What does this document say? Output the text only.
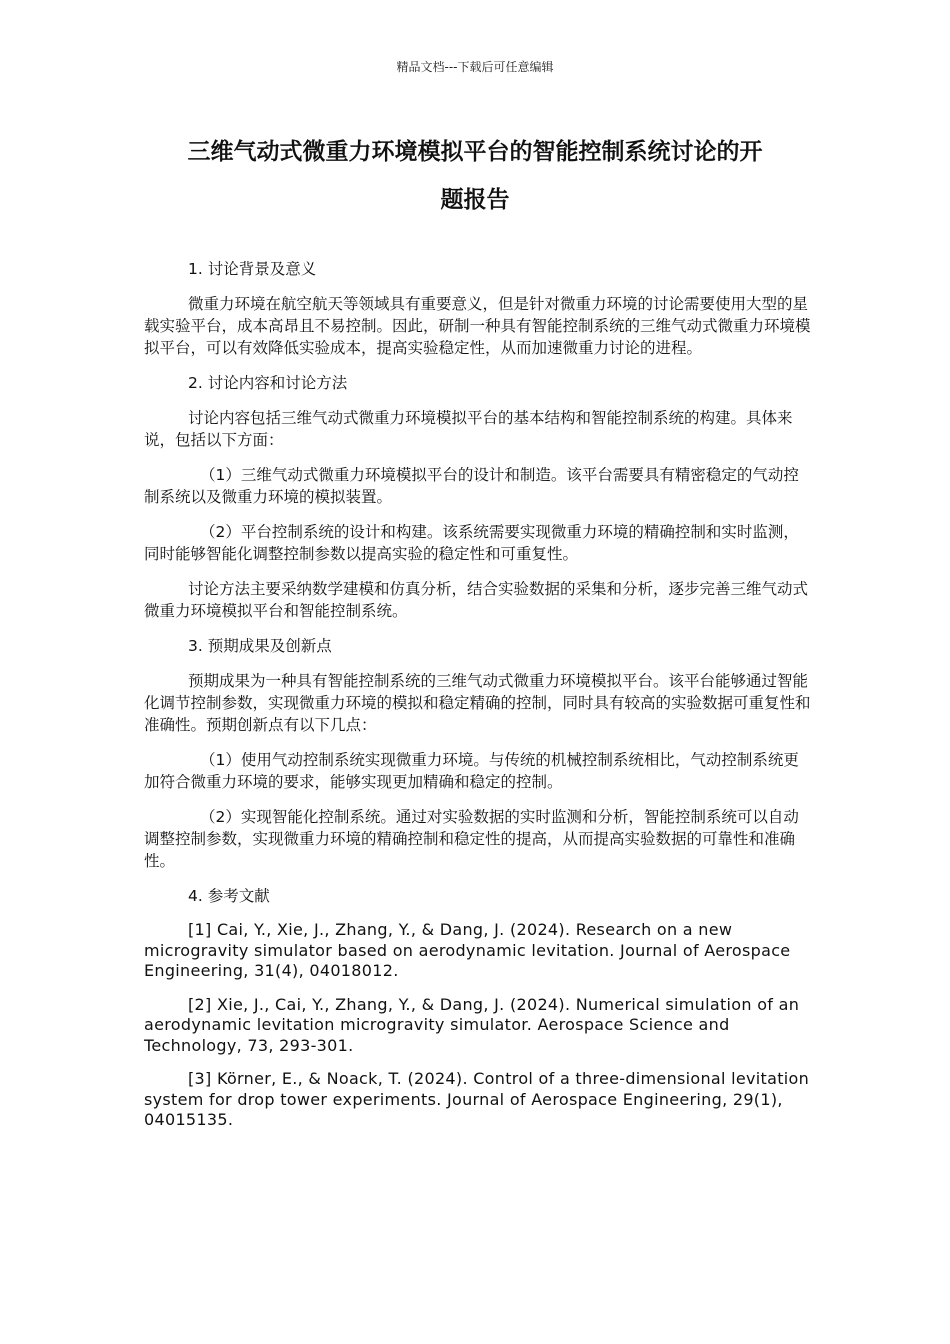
精品文档---下载后可任意编辑
三维气动式微重力环境模拟平台的智能控制系统讨论的开
题报告
1. 讨论背景及意义

微重力环境在航空航天等领域具有重要意义，但是针对微重力环境的讨论需要使用大型的星载实验平台，成本高昂且不易控制。因此，研制一种具有智能控制系统的三维气动式微重力环境模拟平台，可以有效降低实验成本，提高实验稳定性，从而加速微重力讨论的进程。

2. 讨论内容和讨论方法

讨论内容包括三维气动式微重力环境模拟平台的基本结构和智能控制系统的构建。具体来说，包括以下方面：

（1）三维气动式微重力环境模拟平台的设计和制造。该平台需要具有精密稳定的气动控制系统以及微重力环境的模拟装置。

（2）平台控制系统的设计和构建。该系统需要实现微重力环境的精确控制和实时监测，同时能够智能化调整控制参数以提高实验的稳定性和可重复性。

讨论方法主要采纳数学建模和仿真分析，结合实验数据的采集和分析，逐步完善三维气动式微重力环境模拟平台和智能控制系统。

3. 预期成果及创新点

预期成果为一种具有智能控制系统的三维气动式微重力环境模拟平台。该平台能够通过智能化调节控制参数，实现微重力环境的模拟和稳定精确的控制，同时具有较高的实验数据可重复性和准确性。预期创新点有以下几点：

（1）使用气动控制系统实现微重力环境。与传统的机械控制系统相比，气动控制系统更加符合微重力环境的要求，能够实现更加精确和稳定的控制。

（2）实现智能化控制系统。通过对实验数据的实时监测和分析，智能控制系统可以自动调整控制参数，实现微重力环境的精确控制和稳定性的提高，从而提高实验数据的可靠性和准确性。

4. 参考文献

[1] Cai, Y., Xie, J., Zhang, Y., & Dang, J. (2024). Research on a new microgravity simulator based on aerodynamic levitation. Journal of Aerospace Engineering, 31(4), 04018012.

[2] Xie, J., Cai, Y., Zhang, Y., & Dang, J. (2024). Numerical simulation of an aerodynamic levitation microgravity simulator. Aerospace Science and Technology, 73, 293-301.

[3] Körner, E., & Noack, T. (2024). Control of a three-dimensional levitation system for drop tower experiments. Journal of Aerospace Engineering, 29(1), 04015135.
